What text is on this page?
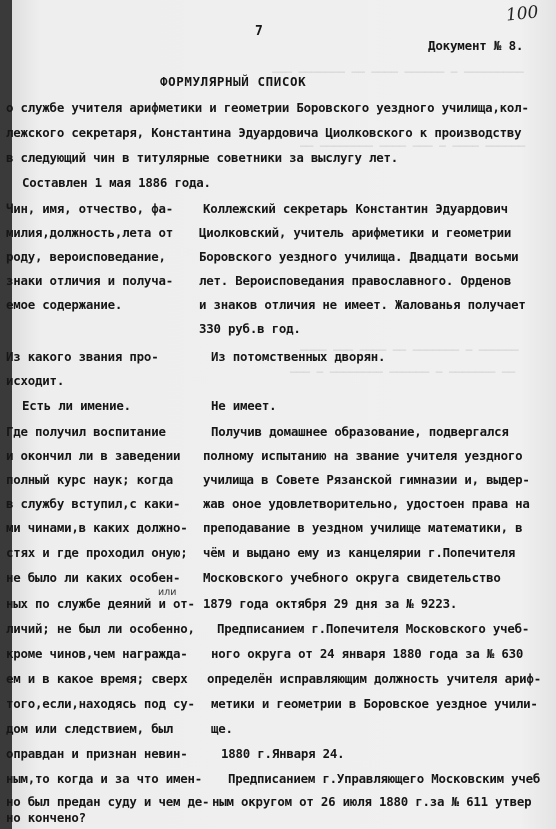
─── ─────── ── ──── ────── ─ ─────────
── ──────── ──── ─── ─ ──── ──────
──── ─── ──── ── ─────── ─ ──────
─── ─ ──────── ────── ─ ─────── ──
7
Документ № 8.
100
ФОРМУЛЯРНЫЙ СПИСОК
о службе учителя арифметики и геометрии Боровского уездного училища,кол-
лежского секретаря, Константина Эдуардовича Циолковского к производству
в следующий чин в титулярные советники за выслугу лет.
Составлен 1 мая 1886 года.
Чин, имя, отчество, фа-
милия,должность,лета от
роду, вероисповедание,
знаки отличия и получа-
емое содержание.
Из какого звания про-
исходит.
Есть ли имение.
Где получил воспитание
и окончил ли в заведении
полный курс наук; когда
в службу вступил,с каки-
ми чинами,в каких должно-
стях и где проходил оную;
не было ли каких особен-
ных по службе деяний и от-
личий; не был ли особенно,
кроме чинов,чем награжда-
ем и в какое время; сверх
того,если,находясь под су-
дом или следствием, был
оправдан и признан невин-
ным,то когда и за что имен-
но был предан суду и чем де-
но кончено?
или
Коллежский секретарь Константин Эдуардович
Циолковский, учитель арифметики и геометрии
Боровского уездного училища. Двадцати восьми
лет. Вероисповедания православного. Орденов
и знаков отличия не имеет. Жалованья получает
330 руб.в год.
Из потомственных дворян.
Не имеет.
Получив домашнее образование, подвергался
полному испытанию на звание учителя уездного
училища в Совете Рязанской гимназии и, выдер-
жав оное удовлетворительно, удостоен права на
преподавание в уездном училище математики, в
чём и выдано ему из канцелярии г.Попечителя
Московского учебного округа свидетельство
1879 года октября 29 дня за № 9223.
Предписанием г.Попечителя Московского учеб-
ного округа от 24 января 1880 года за № 630
определён исправляющим должность учителя ариф-
метики и геометрии в Боровское уездное учили-
ще.
1880 г.Января 24.
Предписанием г.Управляющего Московским учеб
ным округом от 26 июля 1880 г.за № 611 утвер
